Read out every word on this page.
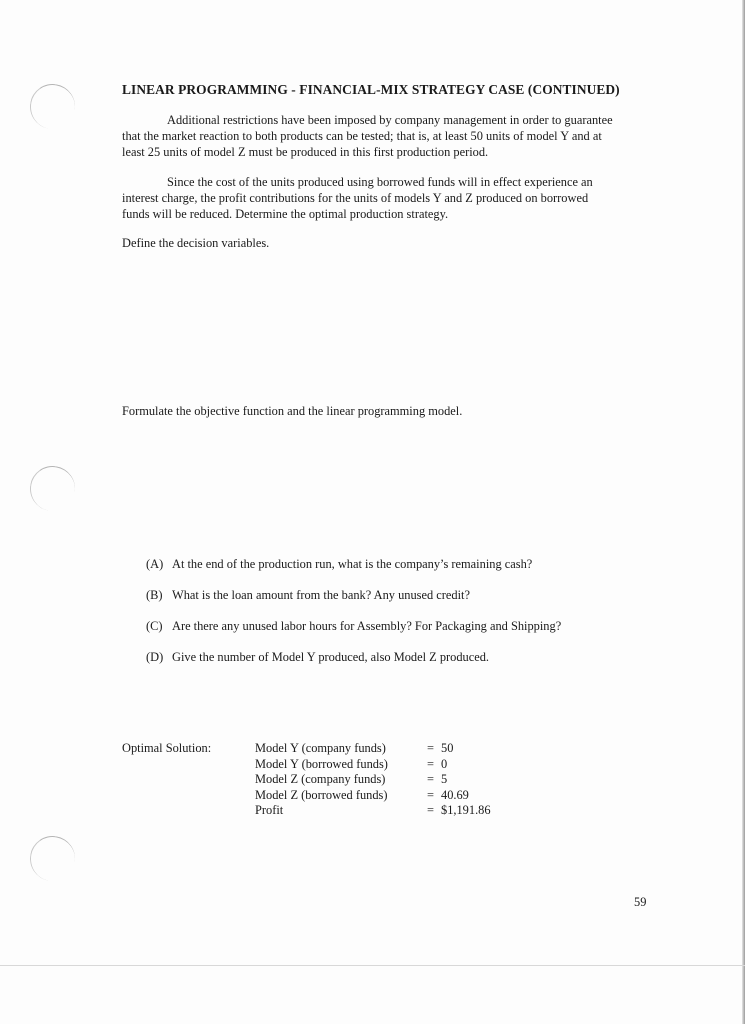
LINEAR PROGRAMMING - FINANCIAL-MIX STRATEGY CASE (CONTINUED)

Additional restrictions have been imposed by company management in order to guarantee
that the market reaction to both products can be tested; that is, at least 50 units of model Y and at
least 25 units of model Z must be produced in this first production period.

Since the cost of the units produced using borrowed funds will in effect experience an
interest charge, the profit contributions for the units of models Y and Z produced on borrowed
funds will be reduced. Determine the optimal production strategy.

Define the decision variables.
Formulate the objective function and the linear programming model.
(A) At the end of the production run, what is the company’s remaining cash?
(B) What is the loan amount from the bank? Any unused credit?
(C) Are there any unused labor hours for Assembly? For Packaging and Shipping?
(D) Give the number of Model Y produced, also Model Z produced.
Optimal Solution:	Model Y (company funds)	=	50
Model Y (borrowed funds)	=	0
Model Z (company funds)	=	5
Model Z (borrowed funds)	=	40.69
Profit	=	$1,191.86
59
